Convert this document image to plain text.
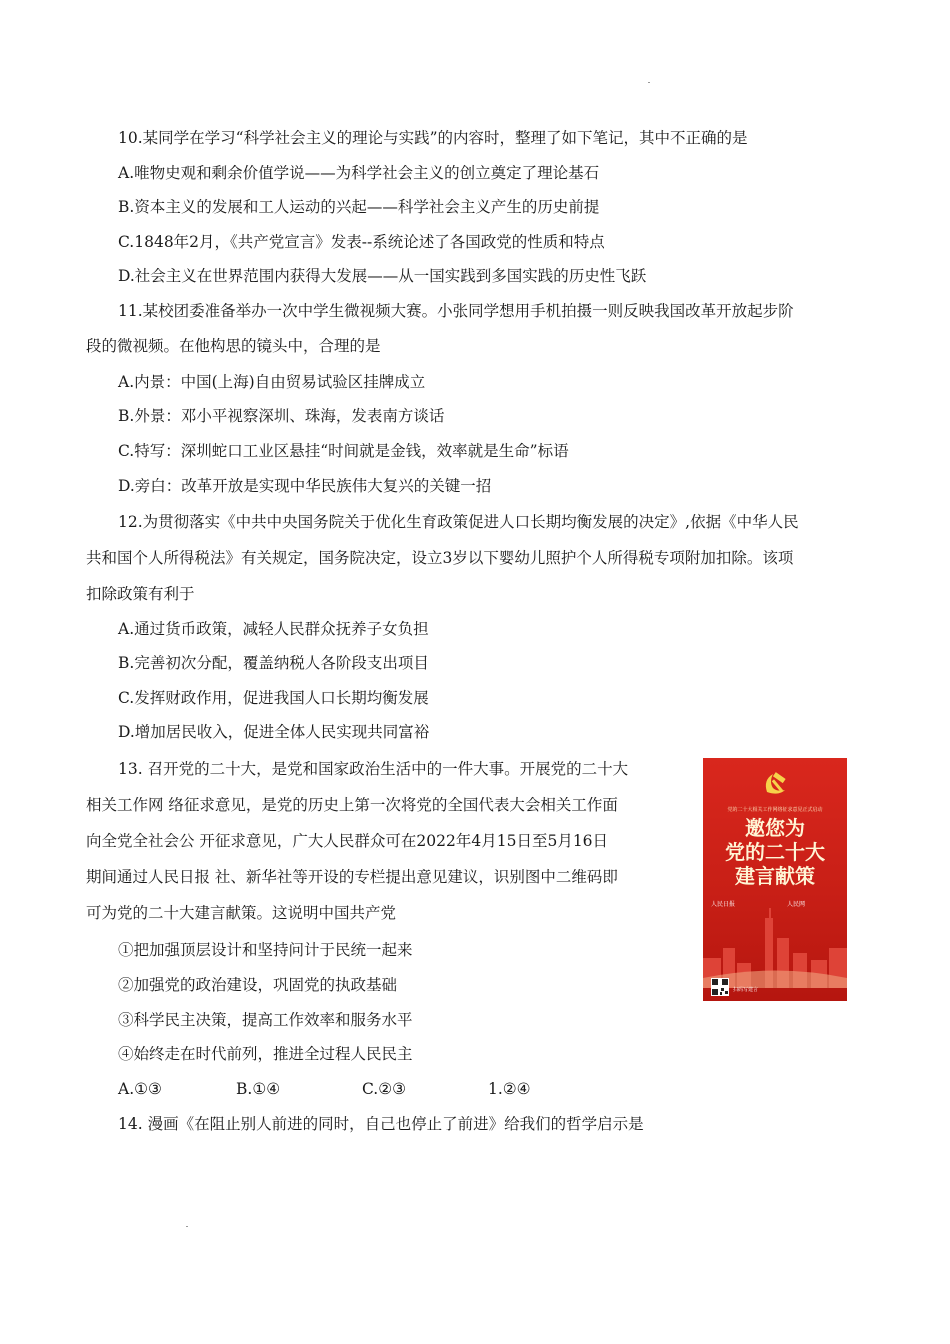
10.某同学在学习“科学社会主义的理论与实践”的内容时，整理了如下笔记，其中不正确的是
A.唯物史观和剩余价值学说——为科学社会主义的创立奠定了理论基石
B.资本主义的发展和工人运动的兴起——科学社会主义产生的历史前提
C.1848年2月，《共产党宣言》发表--系统论述了各国政党的性质和特点
D.社会主义在世界范围内获得大发展——从一国实践到多国实践的历史性飞跃
11.某校团委准备举办一次中学生微视频大赛。小张同学想用手机拍摄一则反映我国改革开放起步阶
段的微视频。在他构思的镜头中，合理的是
A.内景：中国(上海)自由贸易试验区挂牌成立
B.外景：邓小平视察深圳、珠海，发表南方谈话
C.特写：深圳蛇口工业区悬挂“时间就是金钱，效率就是生命”标语
D.旁白：改革开放是实现中华民族伟大复兴的关键一招
12.为贯彻落实《中共中央国务院关于优化生育政策促进人口长期均衡发展的决定》,依据《中华人民
共和国个人所得税法》有关规定，国务院决定，设立3岁以下婴幼儿照护个人所得税专项附加扣除。该项
扣除政策有利于
A.通过货币政策，减轻人民群众抚养子女负担
B.完善初次分配，覆盖纳税人各阶段支出项目
C.发挥财政作用，促进我国人口长期均衡发展
D.增加居民收入，促进全体人民实现共同富裕
13. 召开党的二十大，是党和国家政治生活中的一件大事。开展党的二十大
相关工作网 络征求意见，是党的历史上第一次将党的全国代表大会相关工作面
向全党全社会公 开征求意见，广大人民群众可在2022年4月15日至5月16日
期间通过人民日报 社、新华社等开设的专栏提出意见建议，识别图中二维码即
可为党的二十大建言献策。这说明中国共产党
①把加强顶层设计和坚持问计于民统一起来
②加强党的政治建设，巩固党的执政基础
③科学民主决策，提高工作效率和服务水平
④始终走在时代前列，推进全过程人民民主
A.①③	B.①④	C.②③	1.②④
14. 漫画《在阻止别人前进的同时，自己也停止了前进》给我们的哲学启示是
党的二十大相关工作网络征求意见正式启动
邀您为
党的二十大
建言献策
人民日报	人民网
扫码写建言
